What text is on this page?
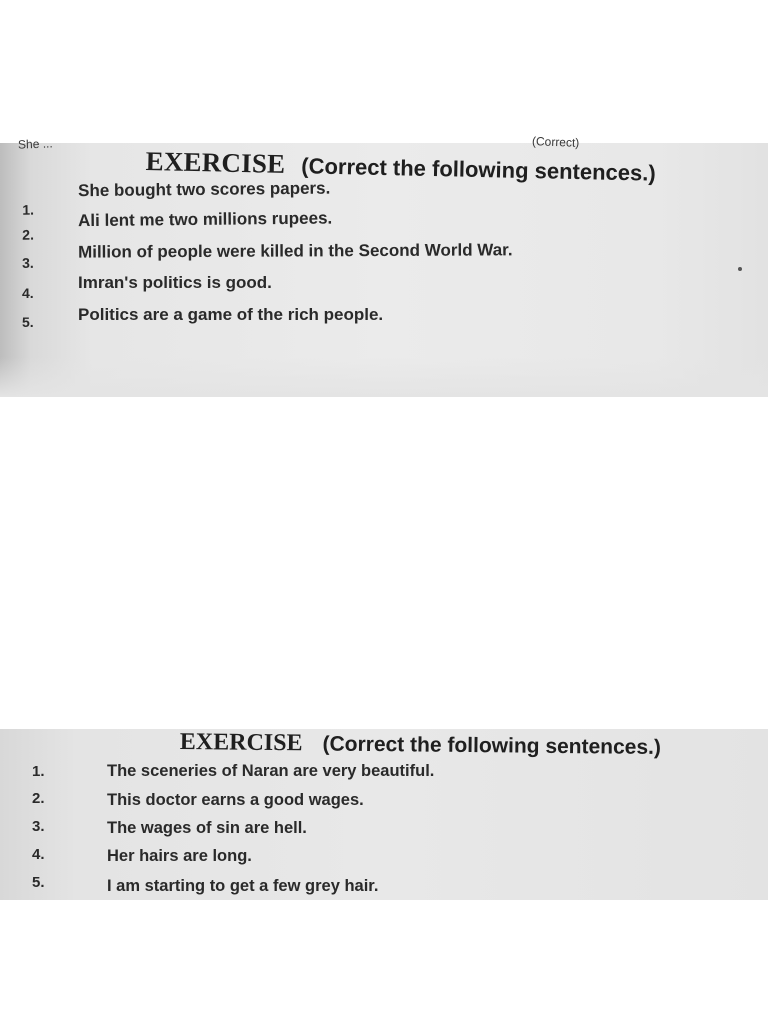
She ...	(Correct)
EXERCISE (Correct the following sentences.)
1.
She bought two scores papers.
2.
Ali lent me two millions rupees.
3.
Million of people were killed in the Second World War.
4.
Imran's politics is good.
5.	Politics are a game of the rich people.
EXERCISE (Correct the following sentences.)
1.	The sceneries of Naran are very beautiful.
2.	This doctor earns a good wages.
3.	The wages of sin are hell.
4.	Her hairs are long.
5.	I am starting to get a few grey hair.
